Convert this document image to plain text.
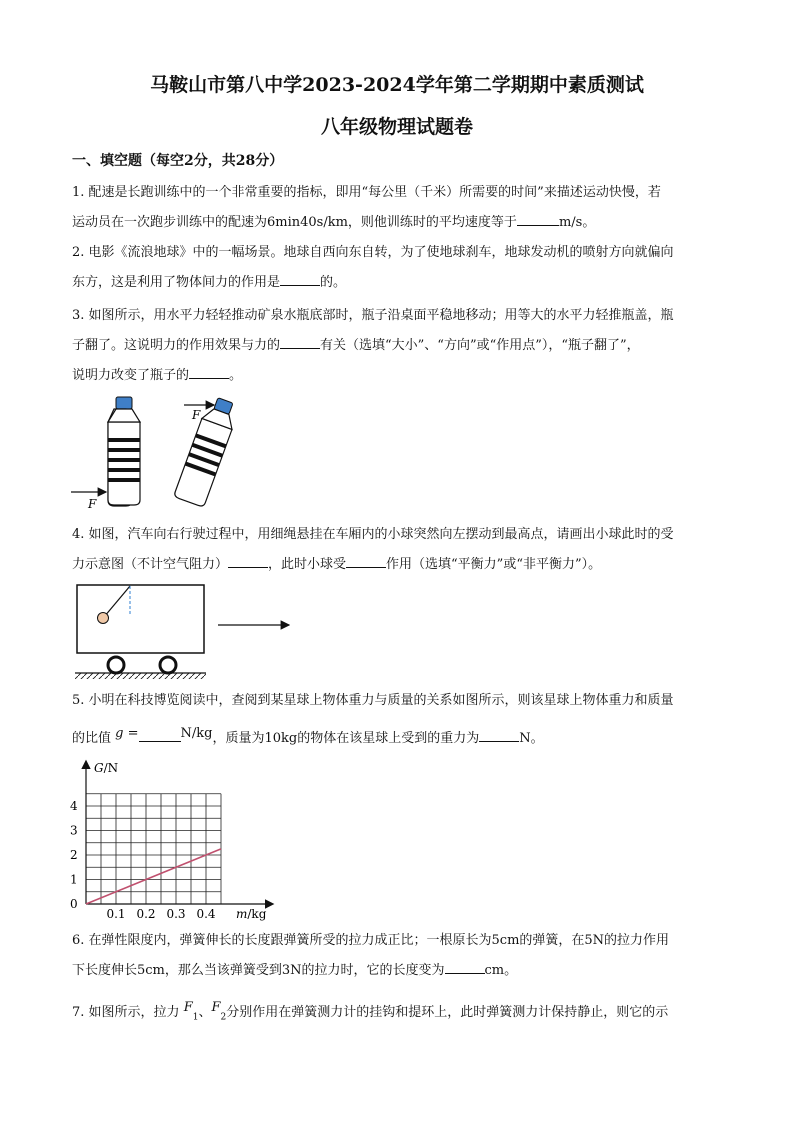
马鞍山市第八中学2023-2024学年第二学期期中素质测试
八年级物理试题卷
一、填空题（每空2分，共28分）
1. 配速是长跑训练中的一个非常重要的指标，即用“每公里（千米）所需要的时间”来描述运动快慢，若
运动员在一次跑步训练中的配速为6min40s/km，则他训练时的平均速度等于	m/s。
2. 电影《流浪地球》中的一幅场景。地球自西向东自转，为了使地球刹车，地球发动机的喷射方向就偏向
东方，这是利用了物体间力的作用是	的。
3. 如图所示，用水平力轻轻推动矿泉水瓶底部时，瓶子沿桌面平稳地移动；用等大的水平力轻推瓶盖，瓶
子翻了。这说明力的作用效果与力的	有关（选填“大小”、“方向”或“作用点”），“瓶子翻了”，
说明力改变了瓶子的	。
F
F
4. 如图，汽车向右行驶过程中，用细绳悬挂在车厢内的小球突然向左摆动到最高点，请画出小球此时的受
力示意图（不计空气阻力）	，此时小球受	作用（选填“平衡力”或“非平衡力”）。
5. 小明在科技博览阅读中，查阅到某星球上物体重力与质量的关系如图所示，则该星球上物体重力和质量
的比值 g =	N/kg，质量为10kg的物体在该星球上受到的重力为	N。
G/N
m/kg
0
1
2
3
4
0.1 0.2 0.3 0.4
6. 在弹性限度内，弹簧伸长的长度跟弹簧所受的拉力成正比；一根原长为5cm的弹簧，在5N的拉力作用
下长度伸长5cm，那么当该弹簧受到3N的拉力时，它的长度变为	cm。
7. 如图所示，拉力 $F_1$、$F_2$分别作用在弹簧测力计的挂钩和提环上，此时弹簧测力计保持静止，则它的示
